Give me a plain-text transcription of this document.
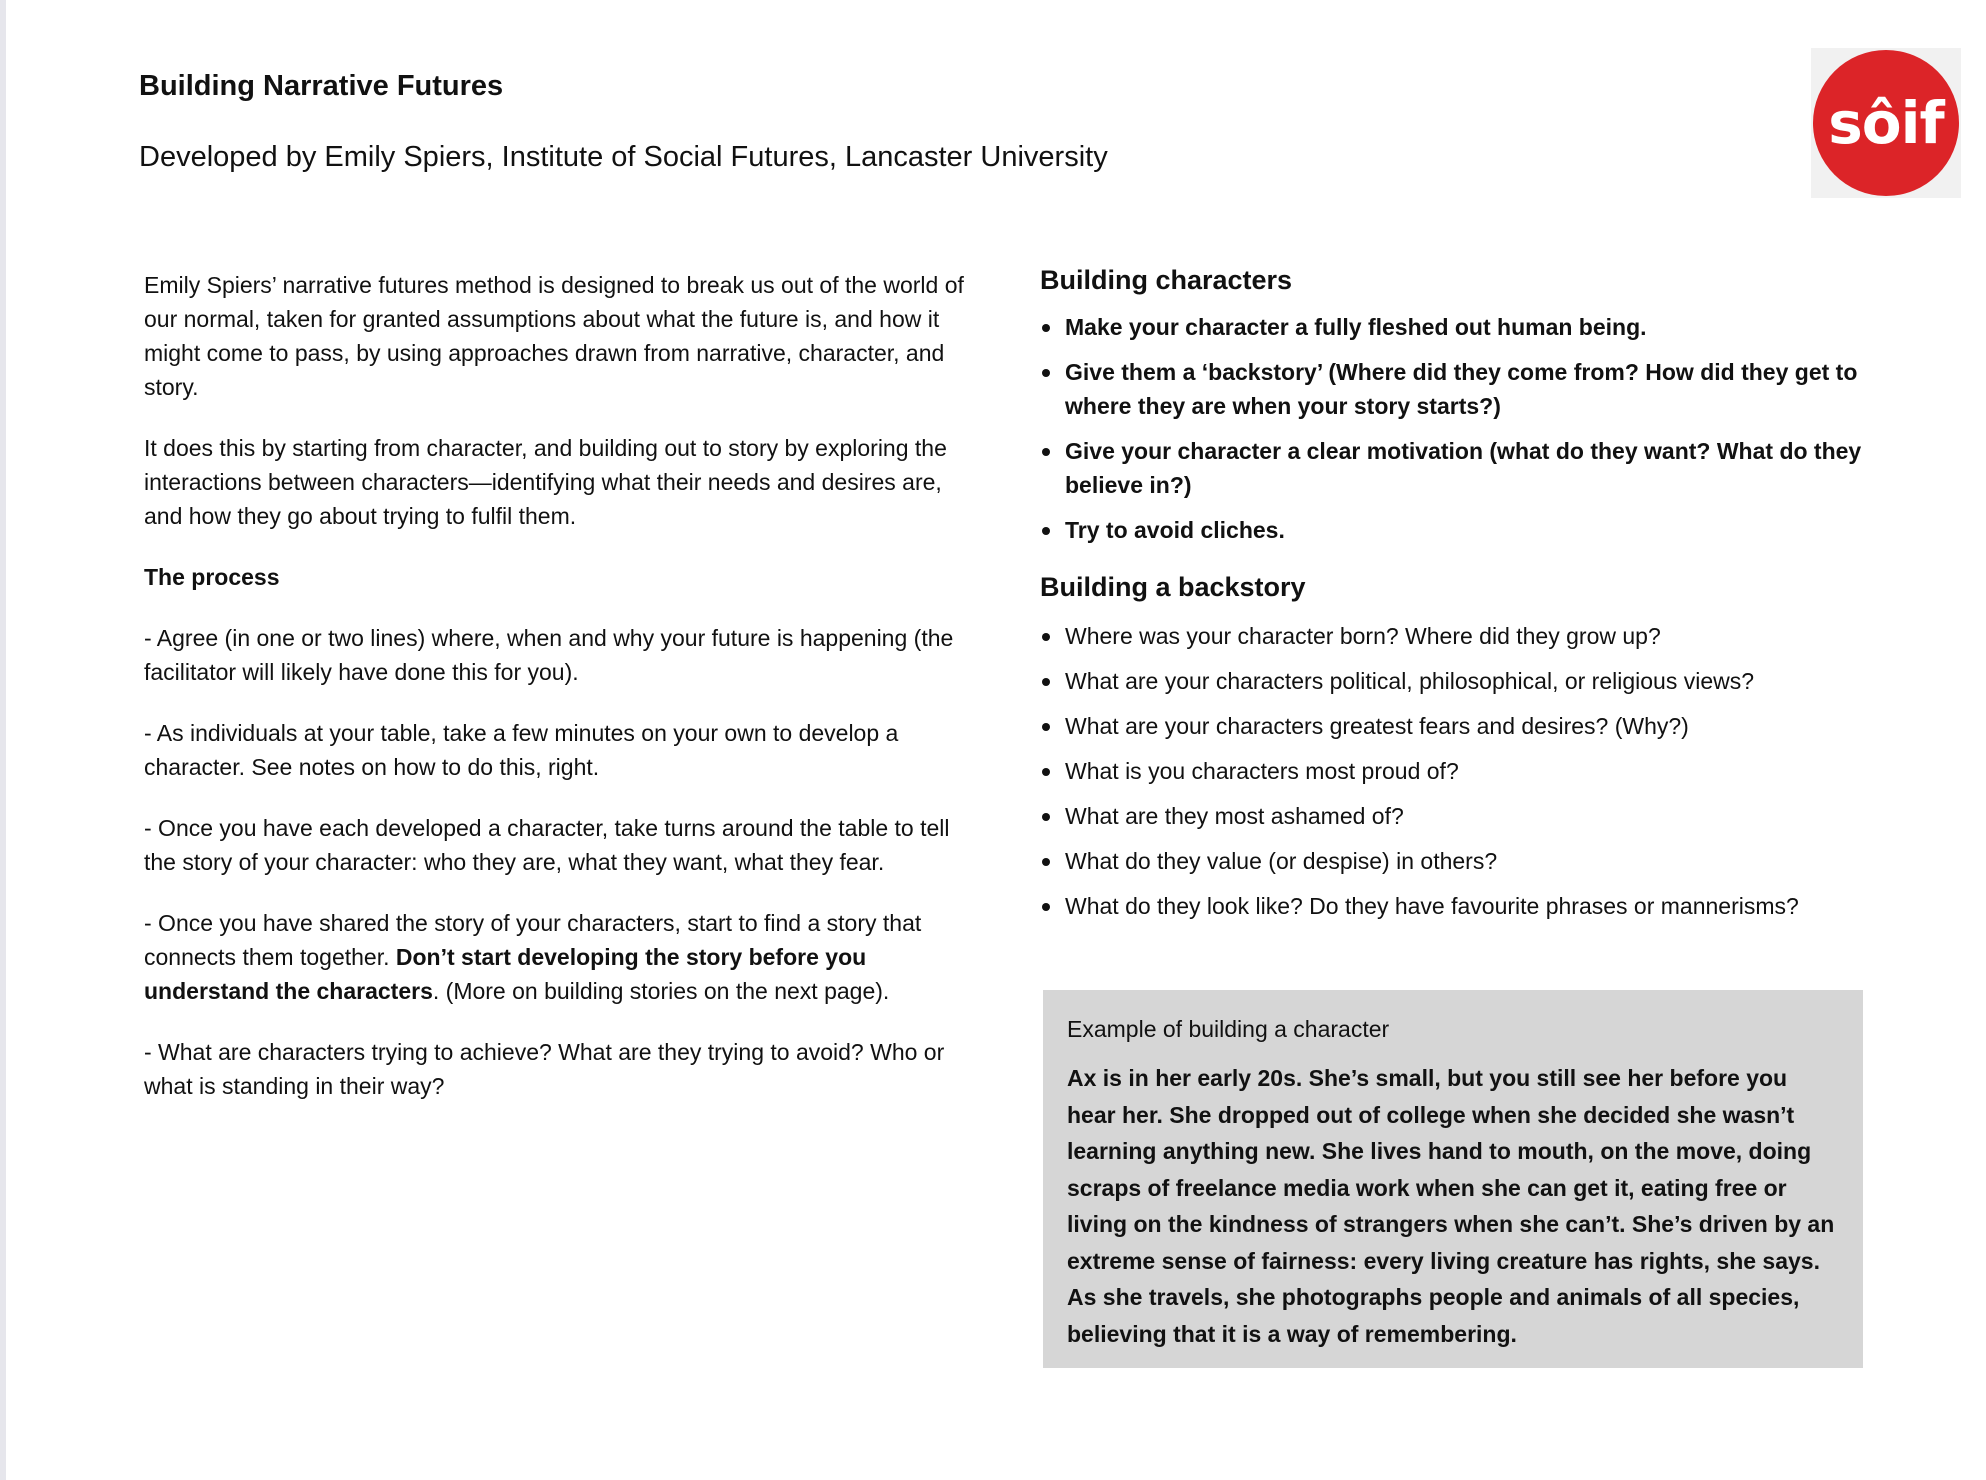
Building Narrative Futures
Developed by Emily Spiers, Institute of Social Futures, Lancaster University	sôif

Emily Spiers’ narrative futures method is designed to break us out of the world of our normal, taken for granted assumptions about what the future is, and how it might come to pass, by using approaches drawn from narrative, character, and story.

It does this by starting from character, and building out to story by exploring the interactions between characters—identifying what their needs and desires are, and how they go about trying to fulfil them.

The process

- Agree (in one or two lines) where, when and why your future is happening (the facilitator will likely have done this for you).

- As individuals at your table, take a few minutes on your own to develop a character. See notes on how to do this, right.

- Once you have each developed a character, take turns around the table to tell the story of your character: who they are, what they want, what they fear.

- Once you have shared the story of your characters, start to find a story that connects them together. Don’t start developing the story before you understand the characters. (More on building stories on the next page).

- What are characters trying to achieve? What are they trying to avoid? Who or what is standing in their way?

Building characters
Make your character a fully fleshed out human being.
Give them a ‘backstory’ (Where did they come from? How did they get to where they are when your story starts?)
Give your character a clear motivation (what do they want? What do they believe in?)
Try to avoid cliches.
Building a backstory
Where was your character born? Where did they grow up?
What are your characters political, philosophical, or religious views?
What are your characters greatest fears and desires? (Why?)
What is you characters most proud of?
What are they most ashamed of?
What do they value (or despise) in others?
What do they look like? Do they have favourite phrases or mannerisms?

Example of building a character

Ax is in her early 20s. She’s small, but you still see her before you hear her. She dropped out of college when she decided she wasn’t learning anything new. She lives hand to mouth, on the move, doing scraps of freelance media work when she can get it, eating free or living on the kindness of strangers when she can’t. She’s driven by an extreme sense of fairness: every living creature has rights, she says. As she travels, she photographs people and animals of all species, believing that it is a way of remembering.
